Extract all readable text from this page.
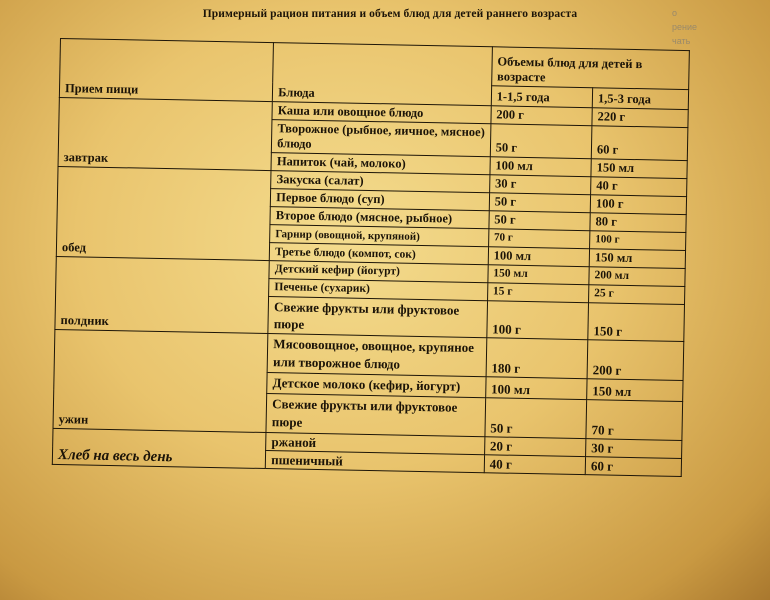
Примерный рацион питания и объем блюд для детей раннего возраста	о
рение
чать
Прием пищи	Блюда	Объемы блюд для детей в возрасте	
		1-1,5 года	1,5-3 года
завтрак	Каша или овощное блюдо	200 г	220 г
	Творожное (рыбное, яичное, мясное) блюдо	50 г	60 г
	Напиток (чай, молоко)	100 мл	150 мл
обед	Закуска (салат)	30 г	40 г
	Первое блюдо (суп)	50 г	100 г
	Второе блюдо (мясное, рыбное)	50 г	80 г
	Гарнир (овощной, крупяной)	70 г	100 г
	Третье блюдо (компот, сок)	100 мл	150 мл
полдник	Детский кефир (йогурт)	150 мл	200 мл
	Печенье (сухарик)	15 г	25 г
	Свежие фрукты или фруктовое пюре	100 г	150 г
ужин	Мясоовощное, овощное, крупяное или творожное блюдо	180 г	200 г
	Детское молоко (кефир, йогурт)	100 мл	150 мл
	Свежие фрукты или фруктовое пюре	50 г	70 г
Хлеб на весь день	ржаной	20 г	30 г
	пшеничный	40 г	60 г
